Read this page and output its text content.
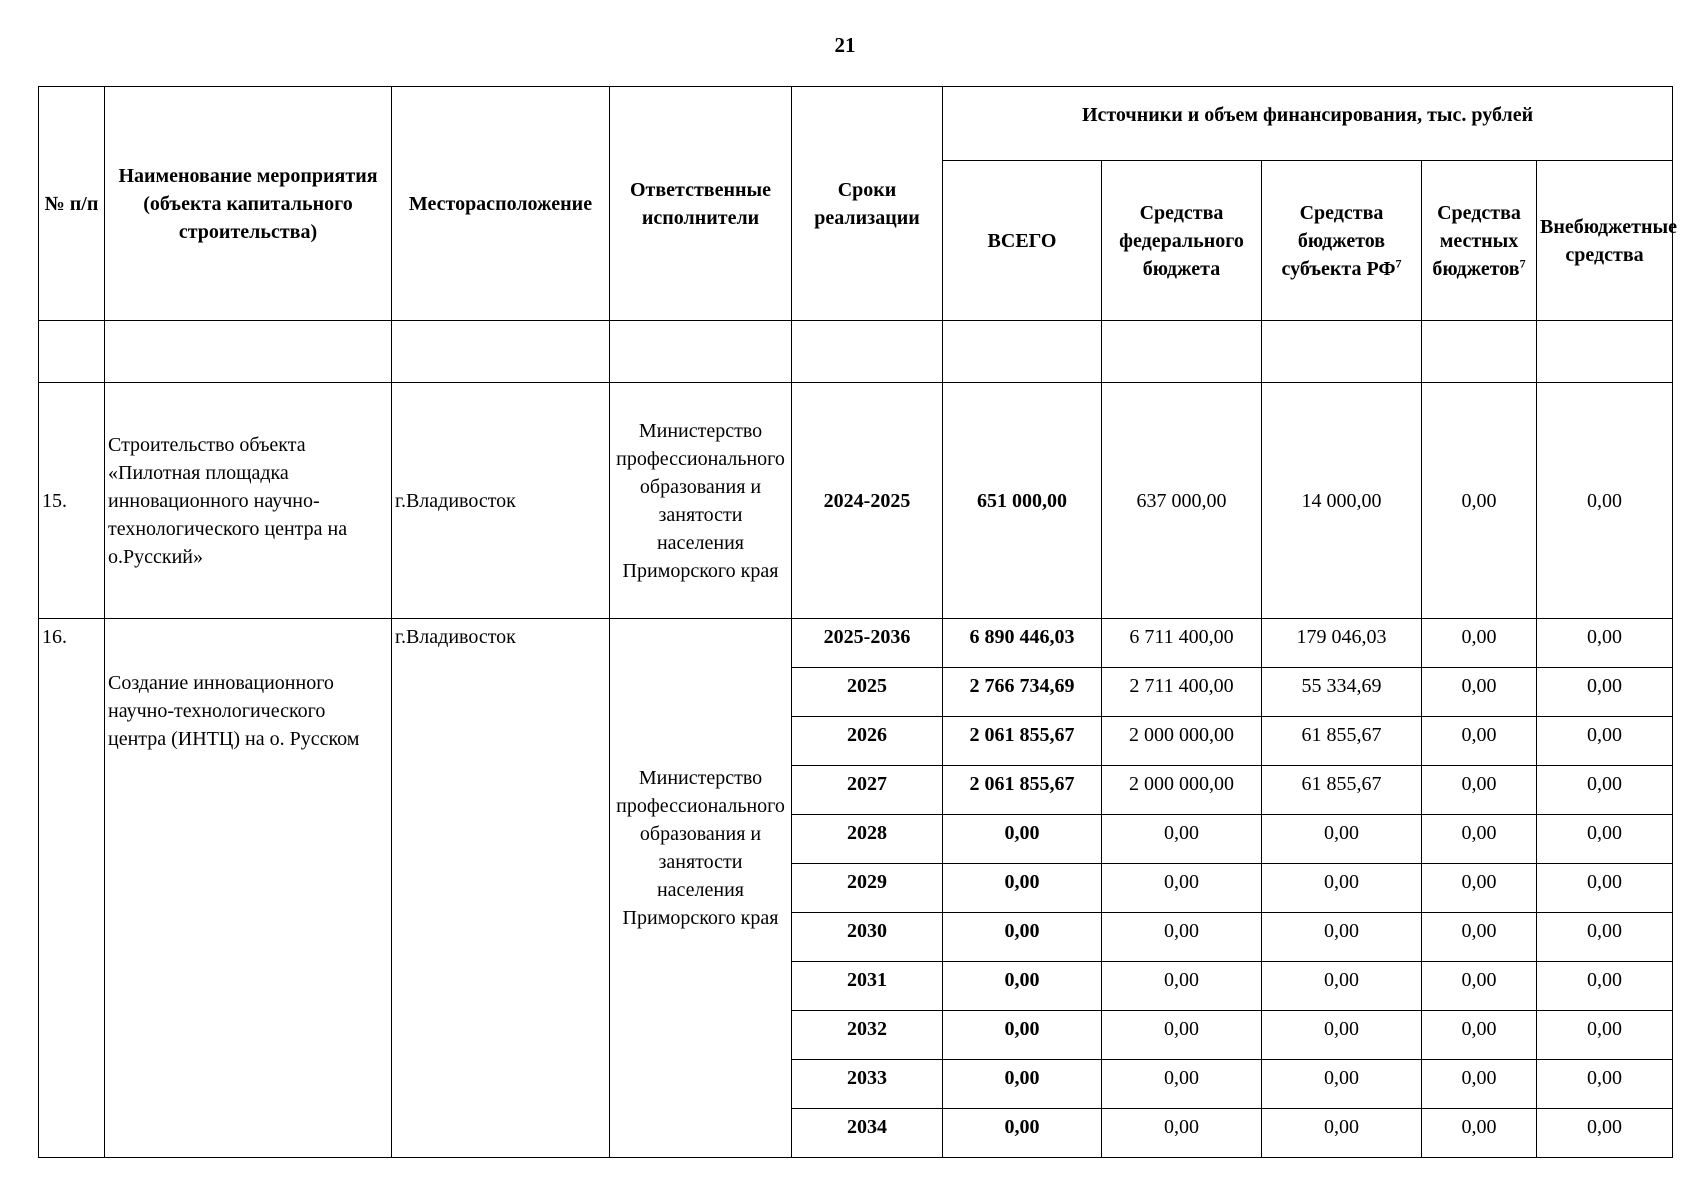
21
№ п/п	Наименование мероприятия (объекта капитального строительства)	Месторасположение	Ответственные исполнители	Сроки реализации	Источники и объем финансирования, тыс. рублей				
					ВСЕГО	Средства федерального бюджета	Средства бюджетов субъекта $РФ^7$	Средства местных бюджетов$^7$	Внебюджетные средства

15.	Строительство объекта «Пилотная площадка инновационного научно-технологического центра на о.Русский»	г.Владивосток	Министерство профессионального образования и занятости населения Приморского края	2024-2025	651 000,00	637 000,00	14 000,00	0,00	0,00
16.	Создание инновационного научно-технологического центра (ИНТЦ) на о. Русском	г.Владивосток	Министерство профессионального образования и занятости населения Приморского края	2025-2036	6 890 446,03	6 711 400,00	179 046,03	0,00	0,00
				2025	2 766 734,69	2 711 400,00	55 334,69	0,00	0,00
				2026	2 061 855,67	2 000 000,00	61 855,67	0,00	0,00
				2027	2 061 855,67	2 000 000,00	61 855,67	0,00	0,00
				2028	0,00	0,00	0,00	0,00	0,00
				2029	0,00	0,00	0,00	0,00	0,00
				2030	0,00	0,00	0,00	0,00	0,00
				2031	0,00	0,00	0,00	0,00	0,00
				2032	0,00	0,00	0,00	0,00	0,00
				2033	0,00	0,00	0,00	0,00	0,00
				2034	0,00	0,00	0,00	0,00	0,00
